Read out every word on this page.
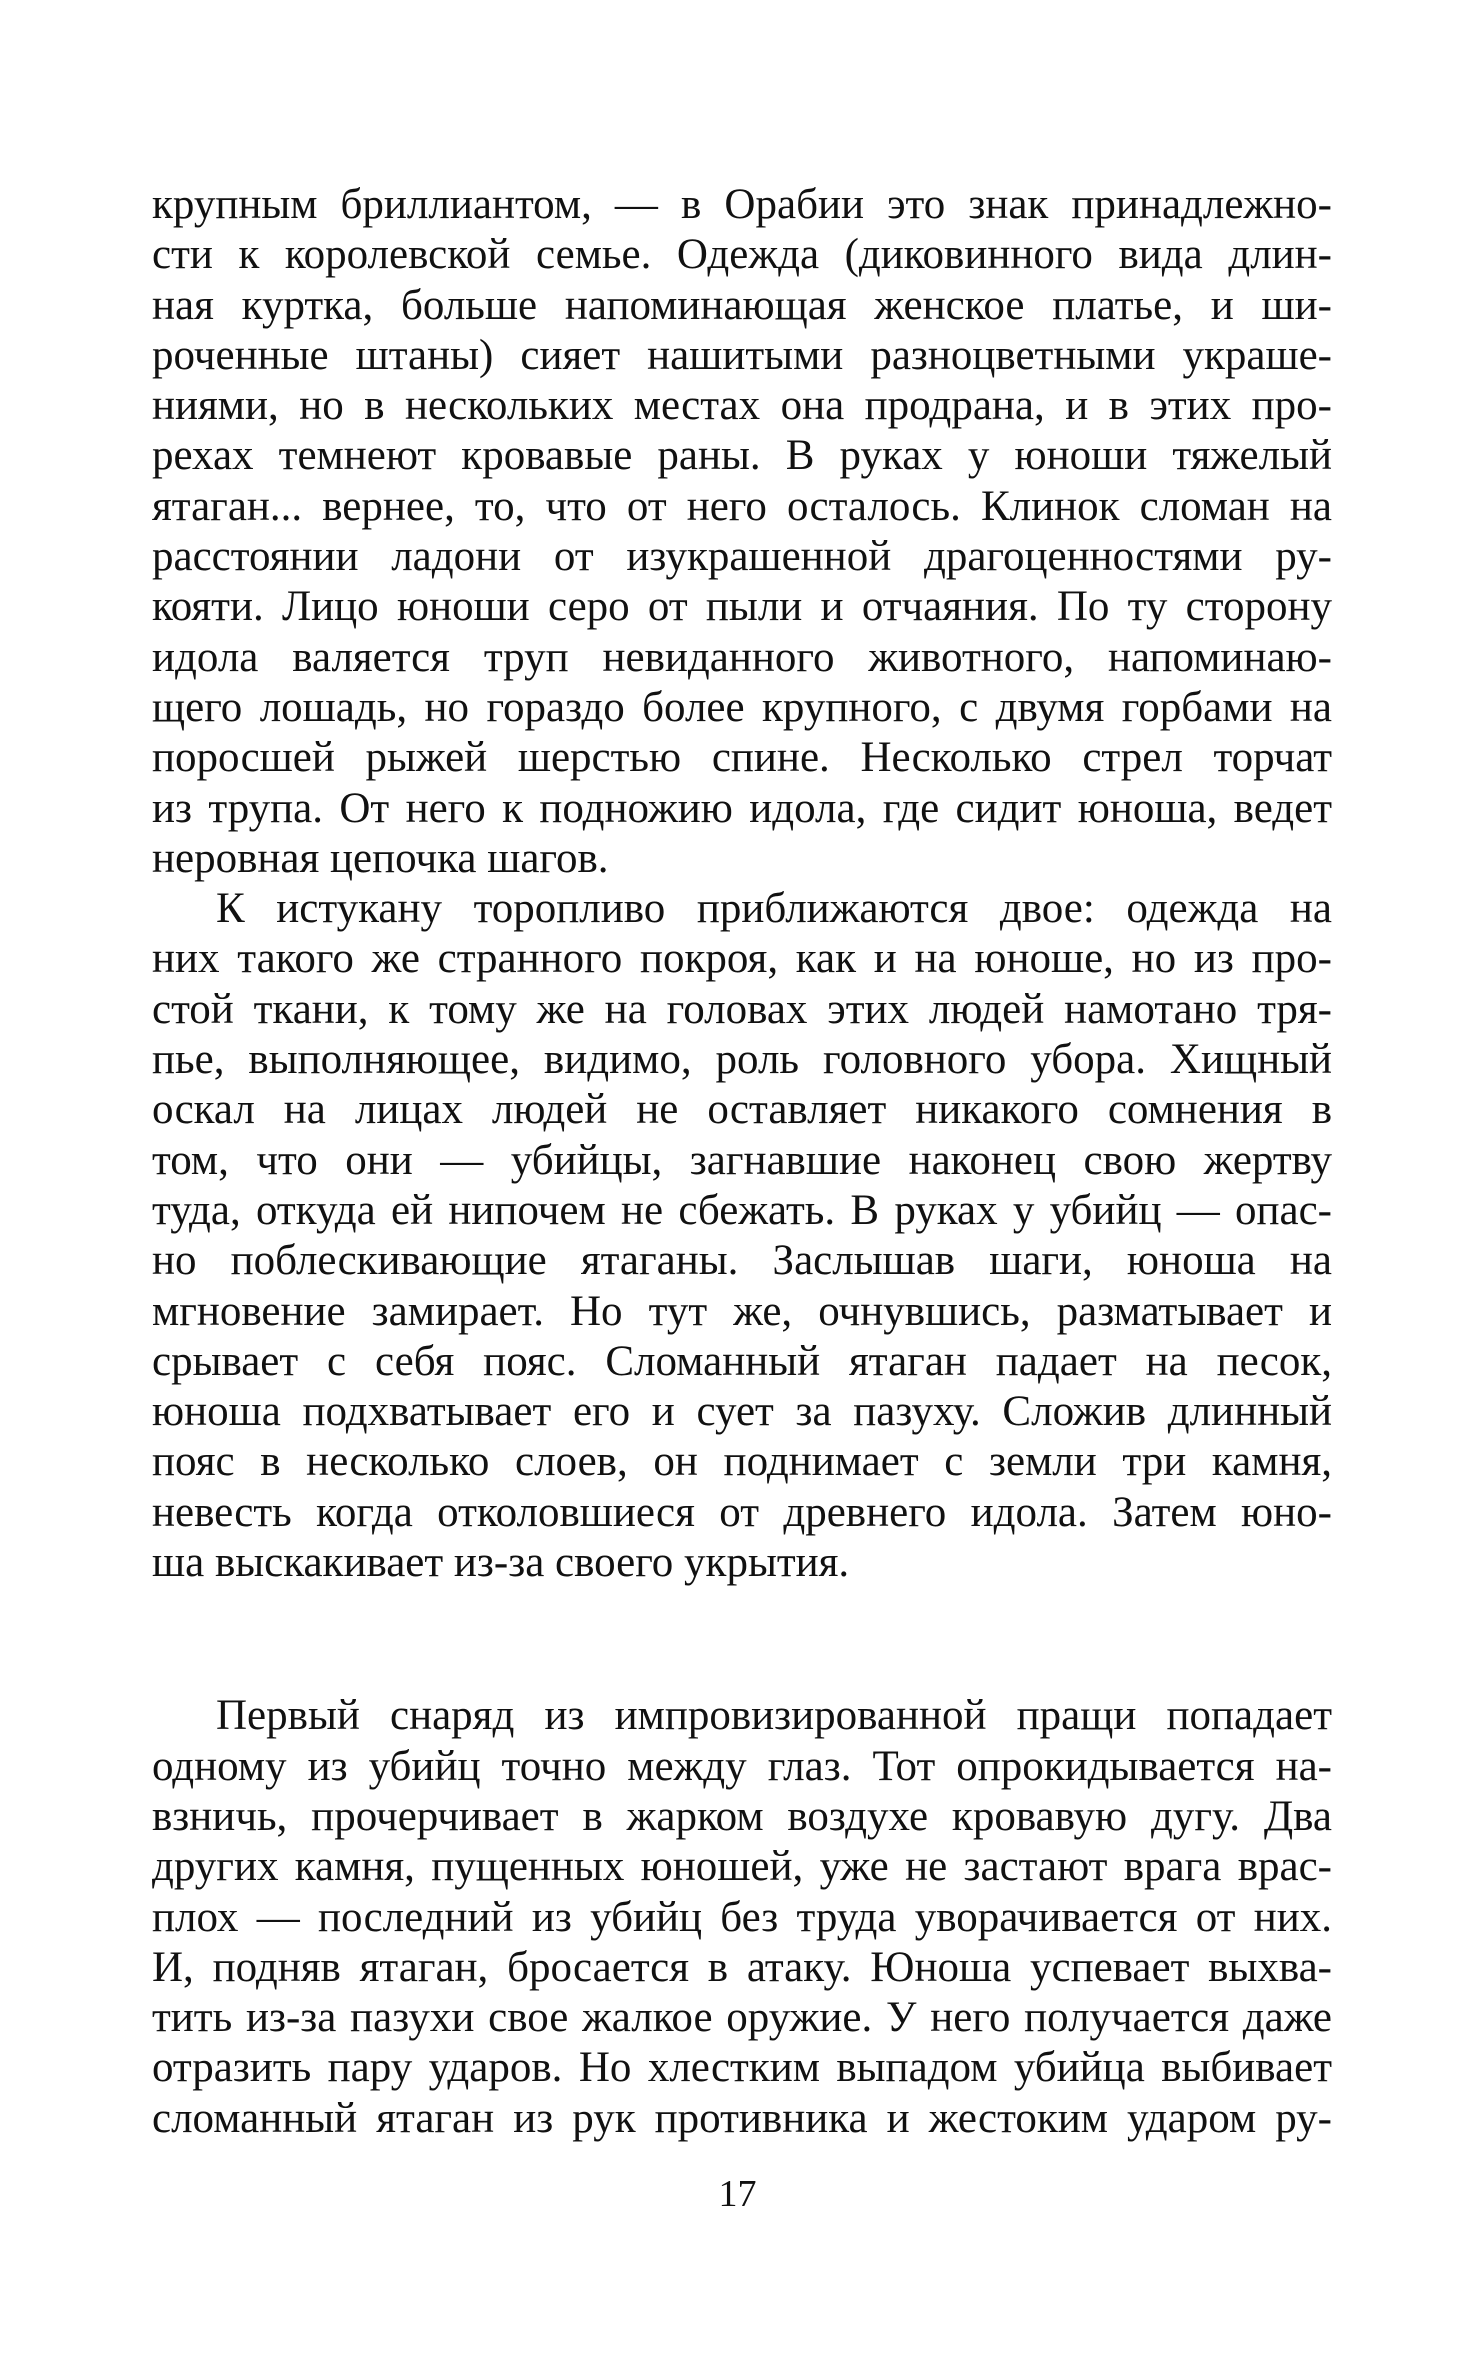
крупным бриллиантом, — в Орабии это знак принадлежно-
сти к королевской семье. Одежда (диковинного вида длин-
ная куртка, больше напоминающая женское платье, и ши-
роченные штаны) сияет нашитыми разноцветными украше-
ниями, но в нескольких местах она продрана, и в этих про-
рехах темнеют кровавые раны. В руках у юноши тяжелый
ятаган... вернее, то, что от него осталось. Клинок сломан на
расстоянии ладони от изукрашенной драгоценностями ру-
кояти. Лицо юноши серо от пыли и отчаяния. По ту сторону
идола валяется труп невиданного животного, напоминаю-
щего лошадь, но гораздо более крупного, с двумя горбами на
поросшей рыжей шерстью спине. Несколько стрел торчат
из трупа. От него к подножию идола, где сидит юноша, ведет
неровная цепочка шагов.
К истукану торопливо приближаются двое: одежда на
них такого же странного покроя, как и на юноше, но из про-
стой ткани, к тому же на головах этих людей намотано тря-
пье, выполняющее, видимо, роль головного убора. Хищный
оскал на лицах людей не оставляет никакого сомнения в
том, что они — убийцы, загнавшие наконец свою жертву
туда, откуда ей нипочем не сбежать. В руках у убийц — опас-
но поблескивающие ятаганы. Заслышав шаги, юноша на
мгновение замирает. Но тут же, очнувшись, разматывает и
срывает с себя пояс. Сломанный ятаган падает на песок,
юноша подхватывает его и сует за пазуху. Сложив длинный
пояс в несколько слоев, он поднимает с земли три камня,
невесть когда отколовшиеся от древнего идола. Затем юно-
ша выскакивает из-за своего укрытия.
Первый снаряд из импровизированной пращи попадает
одному из убийц точно между глаз. Тот опрокидывается на-
взничь, прочерчивает в жарком воздухе кровавую дугу. Два
других камня, пущенных юношей, уже не застают врага врас-
плох — последний из убийц без труда уворачивается от них.
И, подняв ятаган, бросается в атаку. Юноша успевает выхва-
тить из-за пазухи свое жалкое оружие. У него получается даже
отразить пару ударов. Но хлестким выпадом убийца выбивает
сломанный ятаган из рук противника и жестоким ударом ру-
17
